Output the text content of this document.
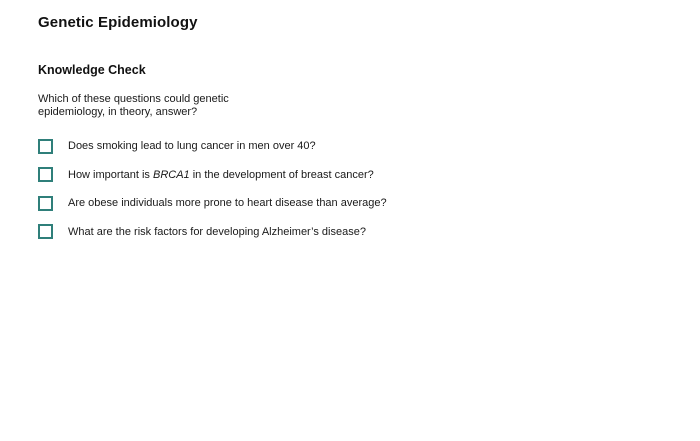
Genetic Epidemiology
Knowledge Check
Which of these questions could genetic epidemiology, in theory, answer?
Does smoking lead to lung cancer in men over 40?
How important is BRCA1 in the development of breast cancer?
Are obese individuals more prone to heart disease than average?
What are the risk factors for developing Alzheimer’s disease?
